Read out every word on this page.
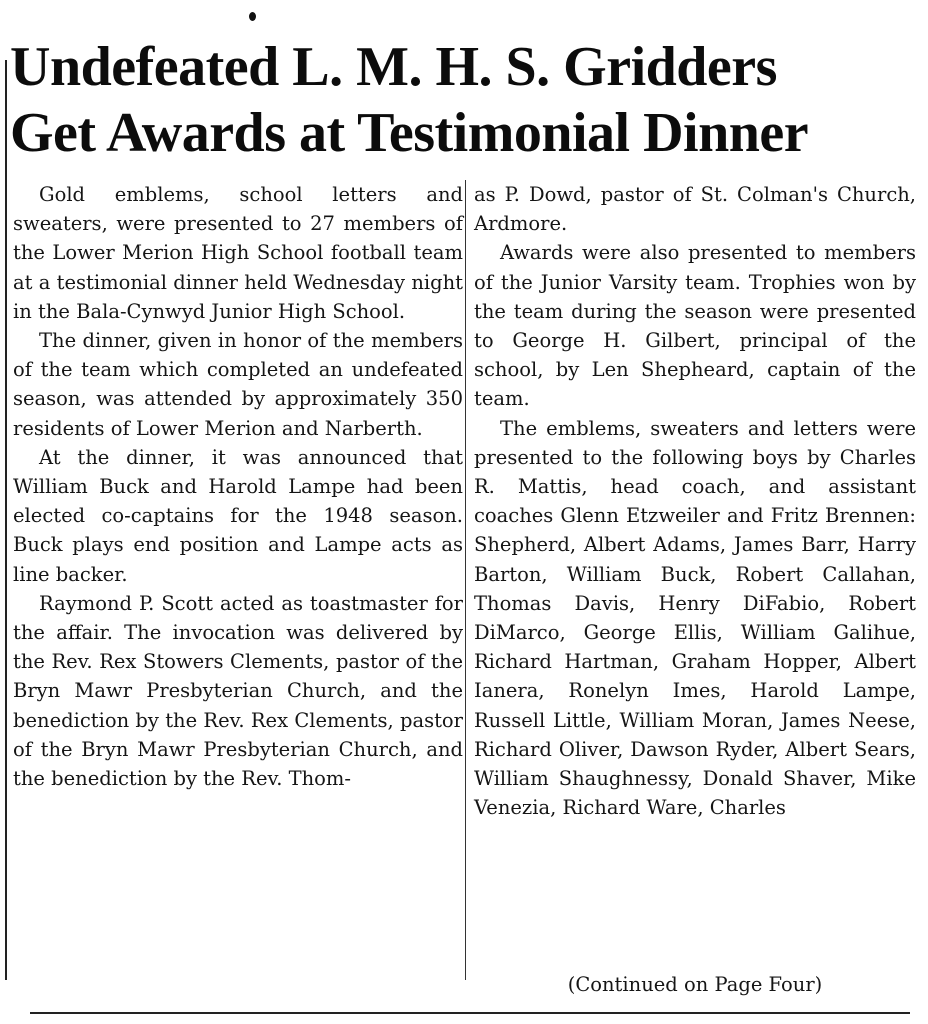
Undefeated L. M. H. S. Gridders
Get Awards at Testimonial Dinner

Gold emblems, school letters and sweaters, were presented to 27 members of the Lower Merion High School football team at a testimonial dinner held Wednesday night in the Bala-Cynwyd Junior High School.

The dinner, given in honor of the members of the team which completed an undefeated season, was attended by approximately 350 residents of Lower Merion and Narberth.

At the dinner, it was announced that William Buck and Harold Lampe had been elected co-captains for the 1948 season. Buck plays end position and Lampe acts as line backer.

Raymond P. Scott acted as toastmaster for the affair. The invocation was delivered by the Rev. Rex Stowers Clements, pastor of the Bryn Mawr Presbyterian Church, and the benediction by the Rev. Rex Clements, pastor of the Bryn Mawr Presbyterian Church, and the benediction by the Rev. Thom-

as P. Dowd, pastor of St. Colman's Church, Ardmore.

Awards were also presented to members of the Junior Varsity team. Trophies won by the team during the season were presented to George H. Gilbert, principal of the school, by Len Shepheard, captain of the team.

The emblems, sweaters and letters were presented to the following boys by Charles R. Mattis, head coach, and assistant coaches Glenn Etzweiler and Fritz Brennen: Shepherd, Albert Adams, James Barr, Harry Barton, William Buck, Robert Callahan, Thomas Davis, Henry DiFabio, Robert DiMarco, George Ellis, William Galihue, Richard Hartman, Graham Hopper, Albert Ianera, Ronelyn Imes, Harold Lampe, Russell Little, William Moran, James Neese, Richard Oliver, Dawson Ryder, Albert Sears, William Shaughnessy, Donald Shaver, Mike Venezia, Richard Ware, Charles

(Continued on Page Four)
